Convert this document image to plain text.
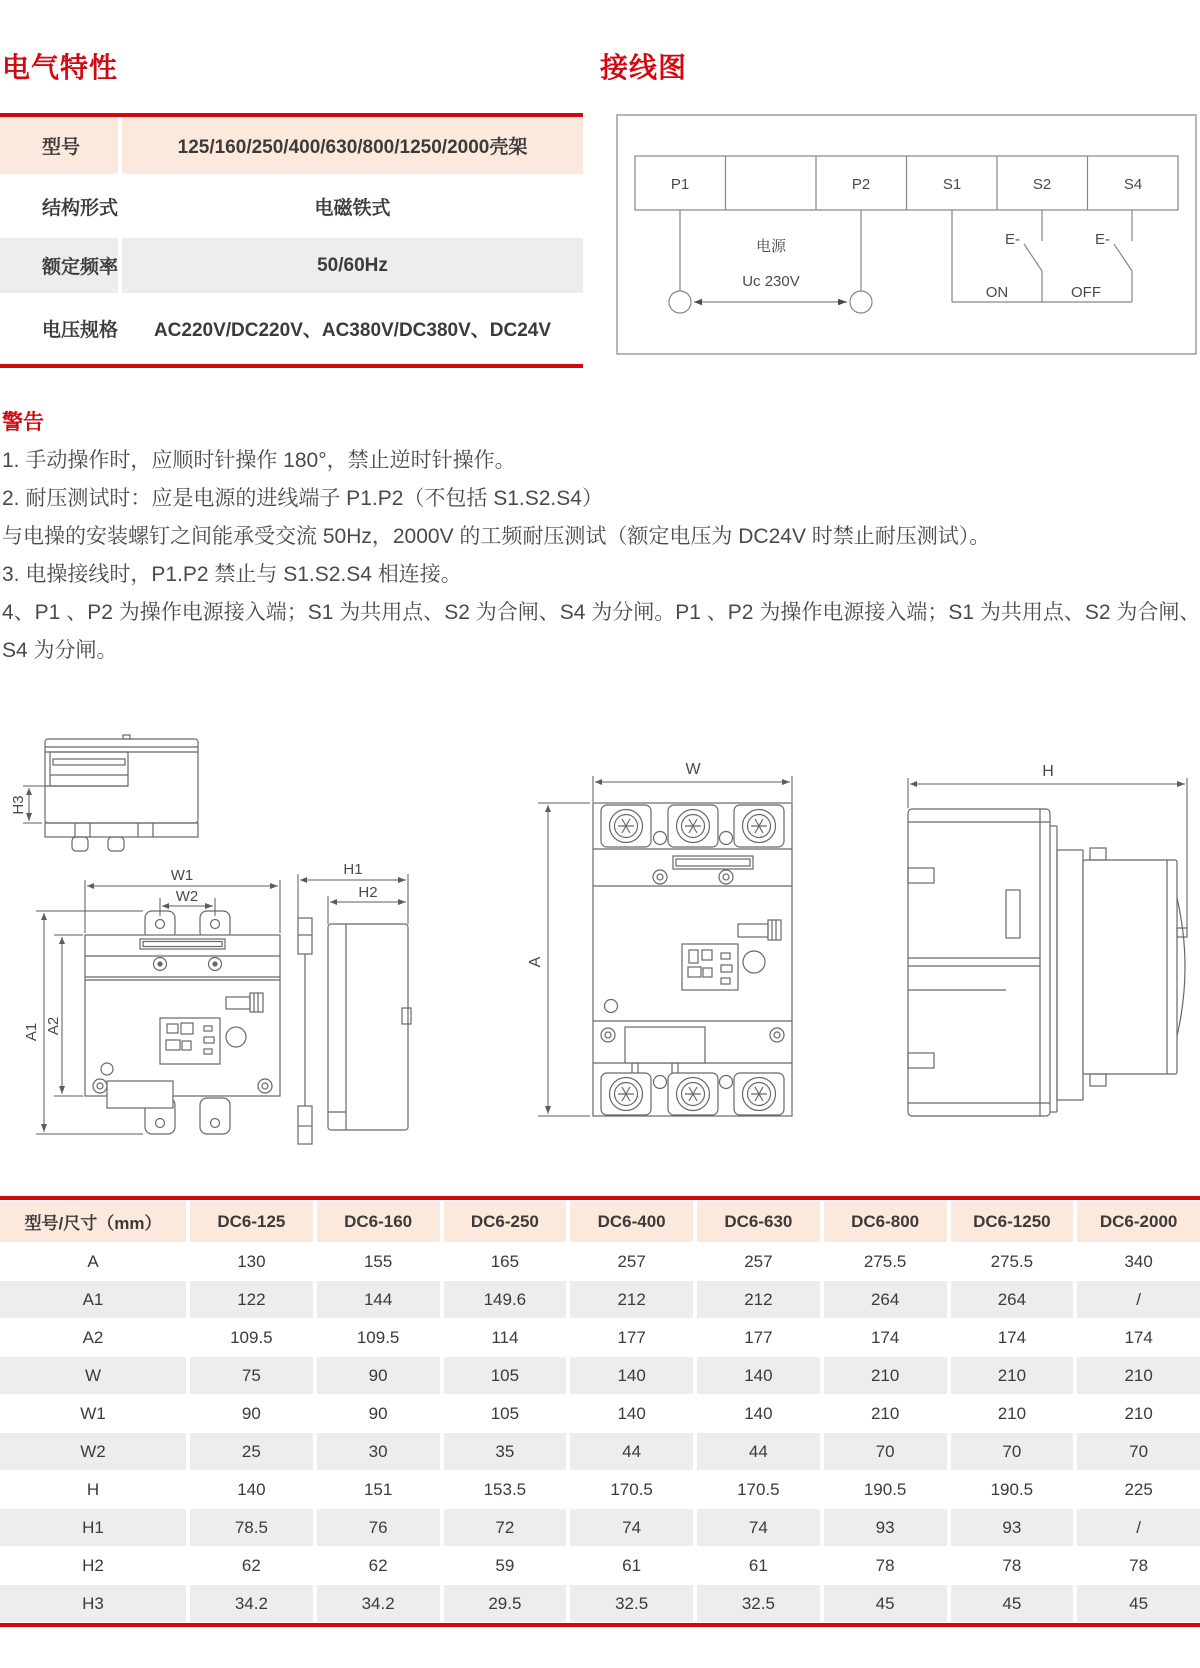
电气特性	接线图
型号	125/160/250/400/630/800/1250/2000壳架
结构形式	电磁铁式
额定频率	50/60Hz
电压规格	AC220V/DC220V、AC380V/DC380V、DC24V
P1	P2	S1	S2	S4
电源
Uc 230V
E-	E-
ON	OFF
警告
1. 手动操作时，应顺时针操作 180°，禁止逆时针操作。
2. 耐压测试时：应是电源的进线端子 P1.P2（不包括 S1.S2.S4）
与电操的安装螺钉之间能承受交流 50Hz，2000V 的工频耐压测试（额定电压为 DC24V 时禁止耐压测试）。
3. 电操接线时，P1.P2 禁止与 S1.S2.S4 相连接。
4、P1 、P2 为操作电源接入端；S1 为共用点、S2 为合闸、S4 为分闸。P1 、P2 为操作电源接入端；S1 为共用点、S2 为合闸、
S4 为分闸。
H3
W1
W2
A1 A2
H1
H2
W
A
H
型号/尺寸（mm）	DC6-125	DC6-160	DC6-250	DC6-400	DC6-630	DC6-800	DC6-1250	DC6-2000
A	130	155	165	257	257	275.5	275.5	340
A1	122	144	149.6	212	212	264	264	/
A2	109.5	109.5	114	177	177	174	174	174
W	75	90	105	140	140	210	210	210
W1	90	90	105	140	140	210	210	210
W2	25	30	35	44	44	70	70	70
H	140	151	153.5	170.5	170.5	190.5	190.5	225
H1	78.5	76	72	74	74	93	93	/
H2	62	62	59	61	61	78	78	78
H3	34.2	34.2	29.5	32.5	32.5	45	45	45
